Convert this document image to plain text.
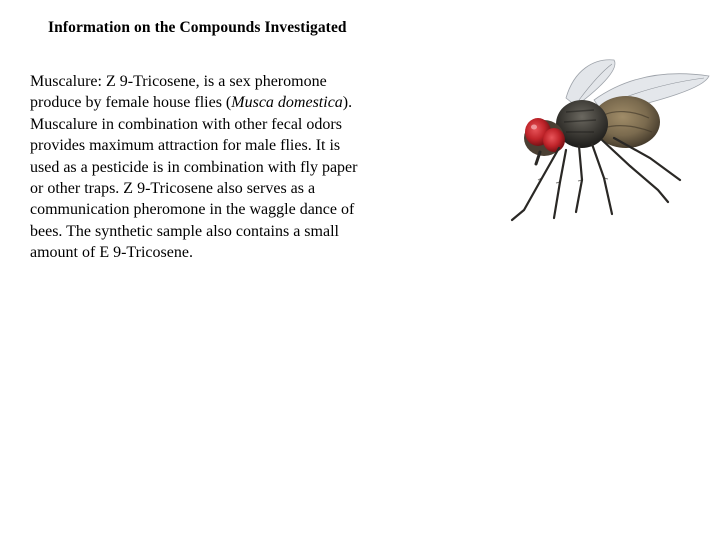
Information on the Compounds Investigated
Muscalure: Z 9-Tricosene, is a sex pheromone
produce by female house flies (Musca domestica).
Muscalure in combination with other fecal odors
provides maximum attraction for male flies. It is
used as a pesticide is in combination with fly paper
or other traps. Z 9-Tricosene also serves as a
communication pheromone in the waggle dance of
bees. The synthetic sample also contains a small
amount of E 9-Tricosene.
